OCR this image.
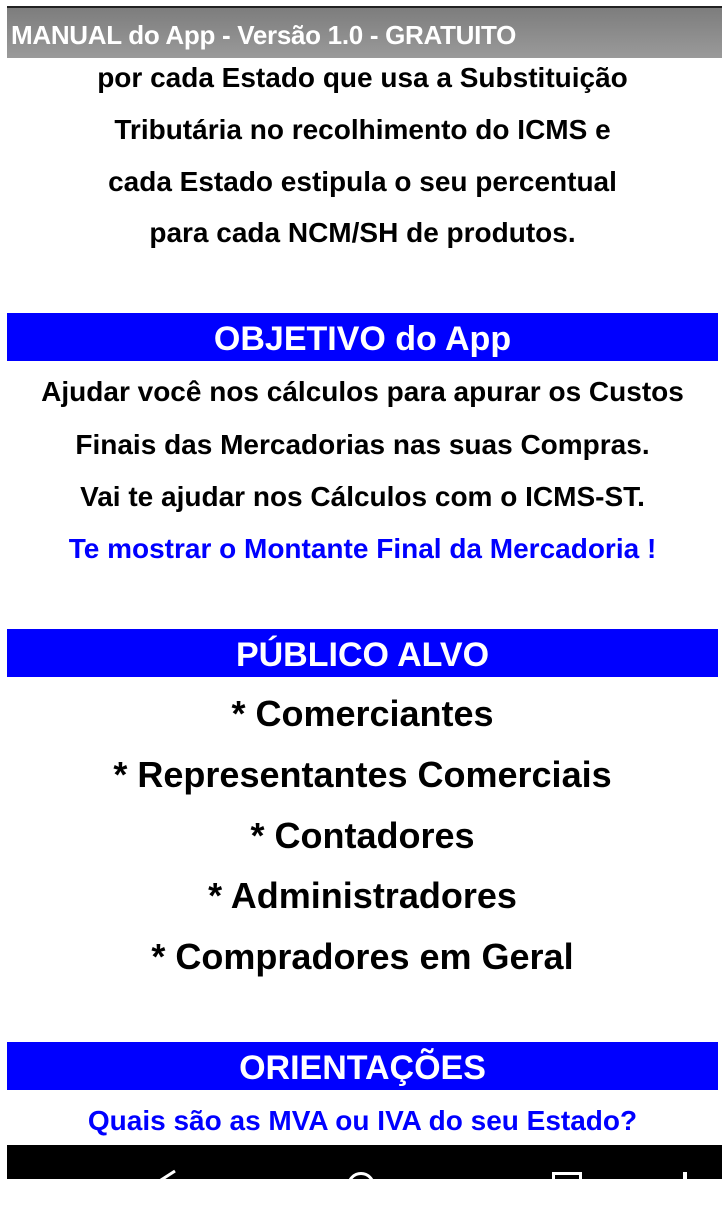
MANUAL do App - Versão 1.0 - GRATUITO
por cada Estado que usa a Substituição
Tributária no recolhimento do ICMS e
cada Estado estipula o seu percentual
para cada NCM/SH de produtos.
OBJETIVO do App
Ajudar você nos cálculos para apurar os Custos
Finais das Mercadorias nas suas Compras.
Vai te ajudar nos Cálculos com o ICMS-ST.
Te mostrar o Montante Final da Mercadoria !
PÚBLICO ALVO
* Comerciantes
* Representantes Comerciais
* Contadores
* Administradores
* Compradores em Geral
ORIENTAÇÕES
Quais são as MVA ou IVA do seu Estado?
